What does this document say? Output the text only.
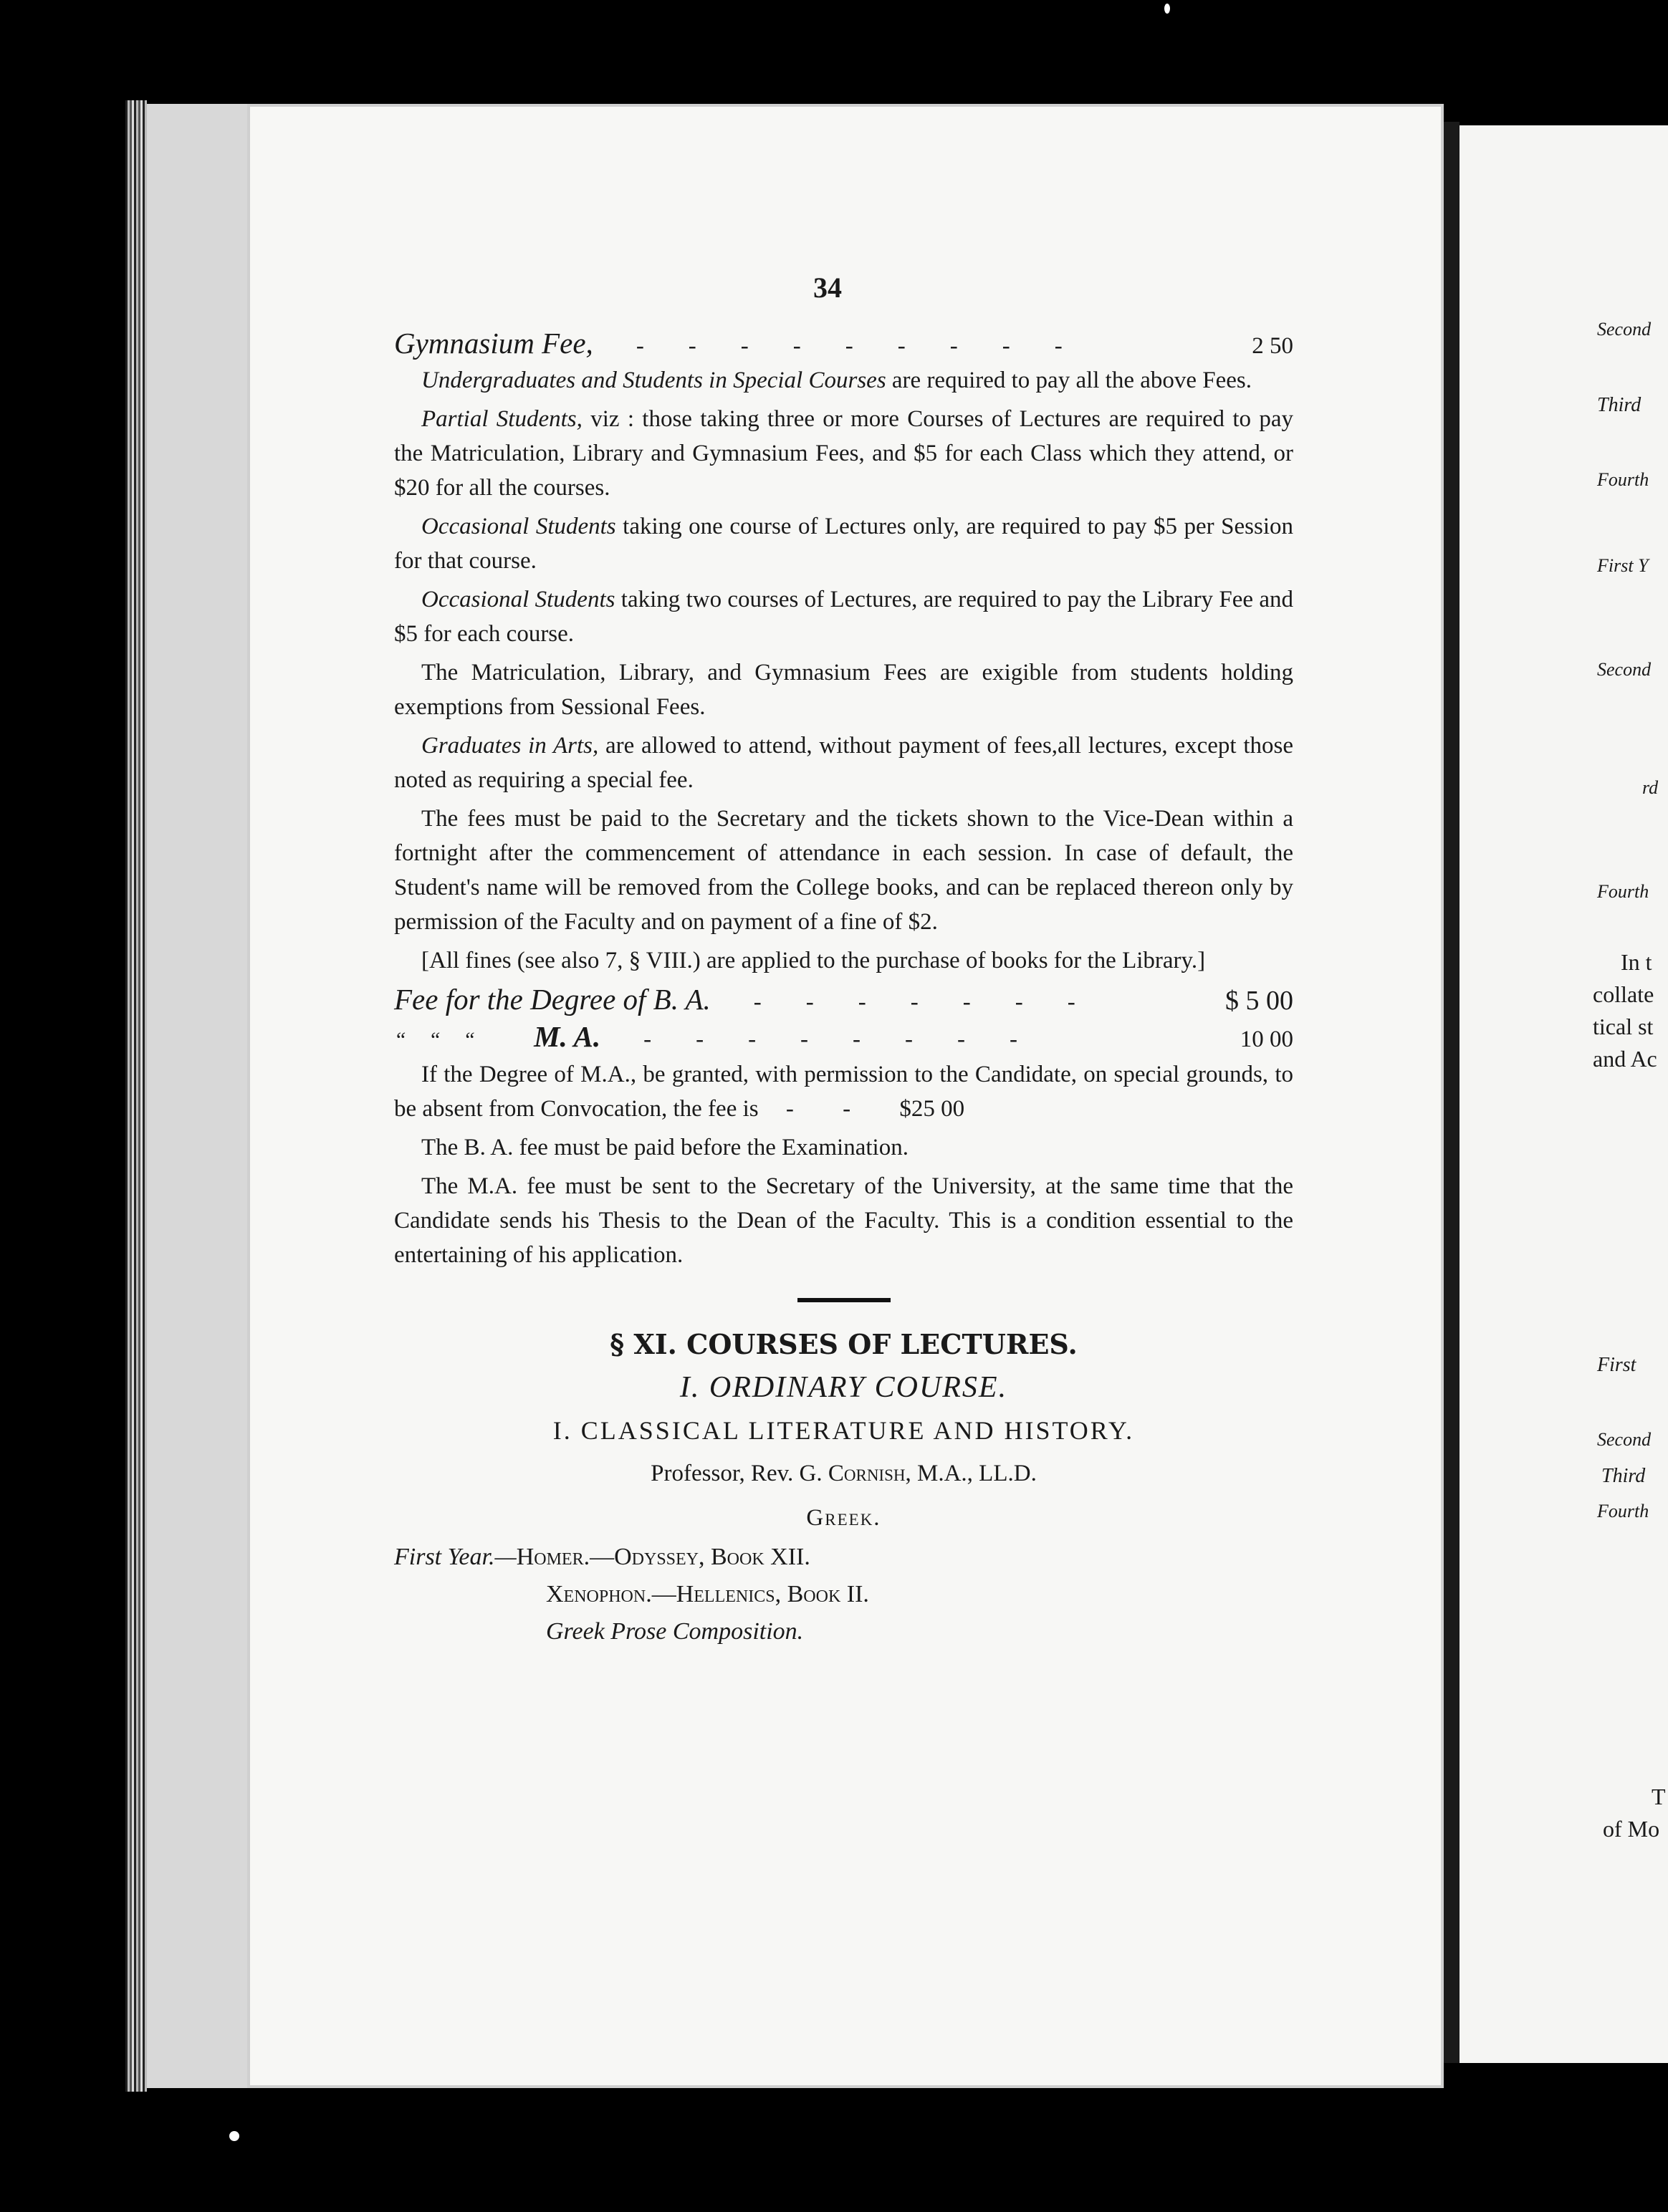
34
Gymnasium Fee,	---------	2 50

Undergraduates and Students in Special Courses are required to pay all the above Fees.

Partial Students, viz : those taking three or more Courses of Lectures are required to pay the Matriculation, Library and Gymnasium Fees, and $5 for each Class which they attend, or $20 for all the courses.

Occasional Students taking one course of Lectures only, are required to pay $5 per Session for that course.

Occasional Students taking two courses of Lectures, are required to pay the Library Fee and $5 for each course.

The Matriculation, Library, and Gymnasium Fees are exigible from students holding exemptions from Sessional Fees.

Graduates in Arts, are allowed to attend, without payment of fees,all lectures, except those noted as requiring a special fee.

The fees must be paid to the Secretary and the tickets shown to the Vice-Dean within a fortnight after the commencement of attendance in each session. In case of default, the Student's name will be removed from the College books, and can be replaced thereon only by permission of the Faculty and on payment of a fine of $2.

[All fines (see also 7, § VIII.) are applied to the purchase of books for the Library.]

Fee for the Degree of B. A.	-------	$ 5 00
“ “ “ M. A.	--------	10 00

If the Degree of M.A., be granted, with permission to the Candidate, on special grounds, to be absent from Convocation, the fee is - - $25 00

The B. A. fee must be paid before the Examination.

The M.A. fee must be sent to the Secretary of the University, at the same time that the Candidate sends his Thesis to the Dean of the Faculty. This is a condition essential to the entertaining of his application.

§ XI. COURSES OF LECTURES.
I. ORDINARY COURSE.
I. CLASSICAL LITERATURE AND HISTORY.
Professor, Rev. G. Cornish, M.A., LL.D.
Greek.
First Year.—Homer.—Odyssey, Book XII.
Xenophon.—Hellenics, Book II.
Greek Prose Composition.
Second
Third
Fourth
First Y
Second
rd
Fourth
In t
collate
tical st
and Ac
First
Second
Third
Fourth
T
of Mo
